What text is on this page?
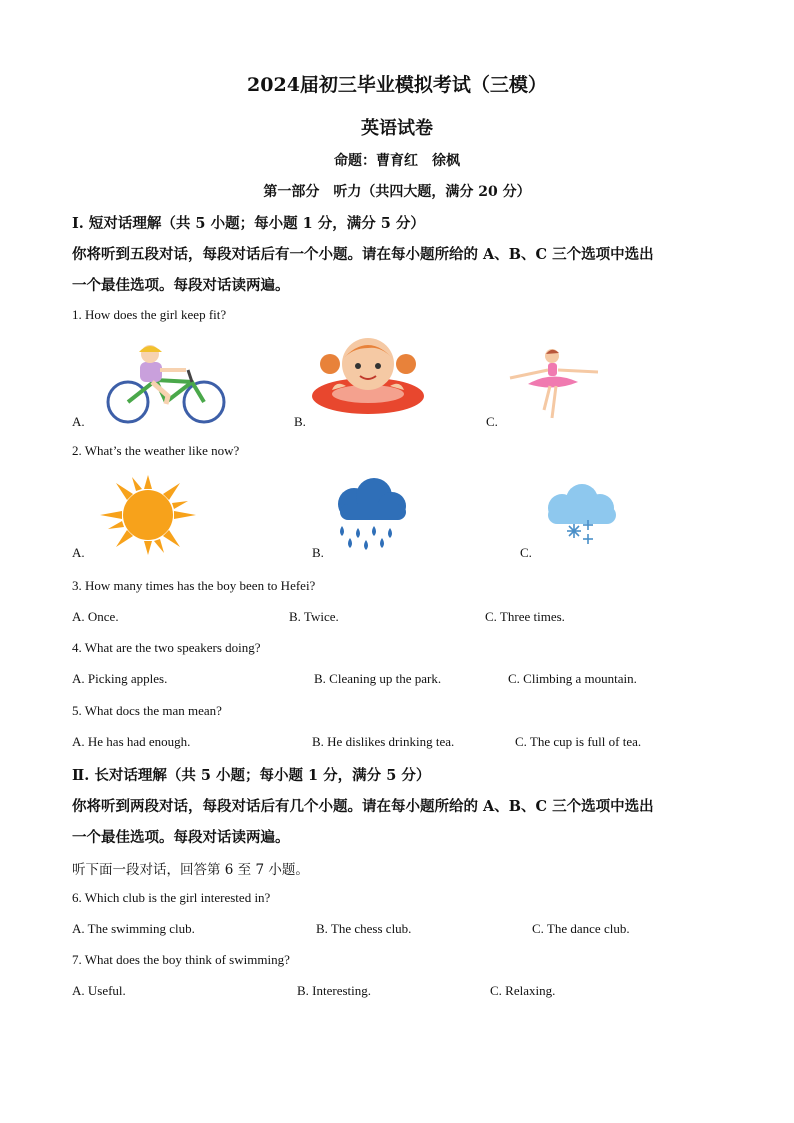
2024届初三毕业模拟考试（三模）
英语试卷
命题：曹育红　徐枫
第一部分　听力（共四大题，满分 20 分）
Ⅰ. 短对话理解（共 5 小题；每小题 1 分，满分 5 分）
你将听到五段对话，每段对话后有一个小题。请在每小题所给的 A、B、C 三个选项中选出
一个最佳选项。每段对话读两遍。
1. How does the girl keep fit?
A.	B.	C.
2. What’s the weather like now?
A.	B.	C.
3. How many times has the boy been to Hefei?
A. Once.	B. Twice.	C. Three times.
4. What are the two speakers doing?
A. Picking apples.	B. Cleaning up the park.	C. Climbing a mountain.
5. What docs the man mean?
A. He has had enough.	B. He dislikes drinking tea.	C. The cup is full of tea.
Ⅱ. 长对话理解（共 5 小题；每小题 1 分，满分 5 分）
你将听到两段对话，每段对话后有几个小题。请在每小题所给的 A、B、C 三个选项中选出
一个最佳选项。每段对话读两遍。
听下面一段对话，回答第 6 至 7 小题。
6. Which club is the girl interested in?
A. The swimming club.	B. The chess club.	C. The dance club.
7. What does the boy think of swimming?
A. Useful.	B. Interesting.	C. Relaxing.
